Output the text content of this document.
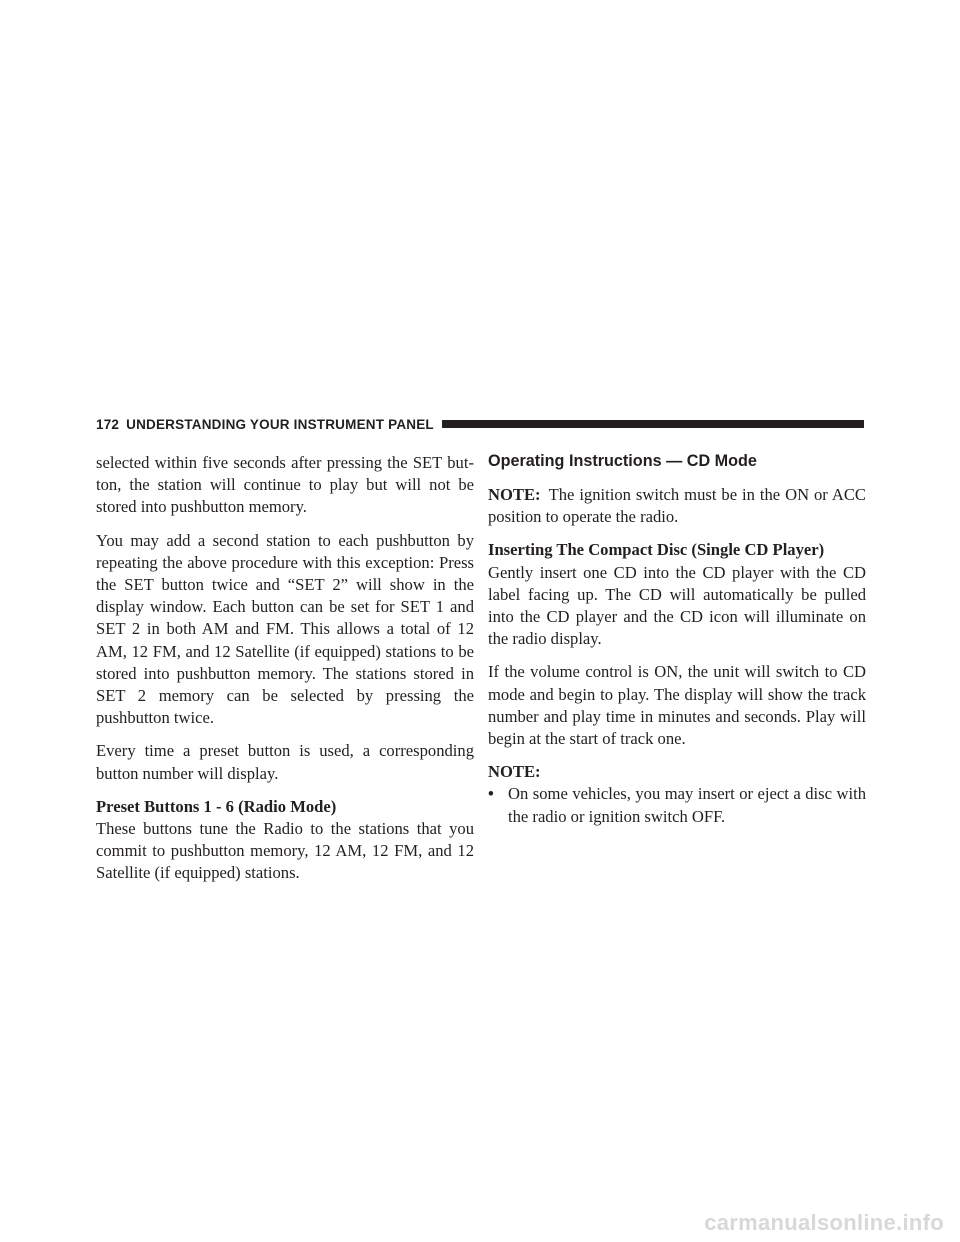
172 UNDERSTANDING YOUR INSTRUMENT PANEL

selected within five seconds after pressing the SET but-ton, the station will continue to play but will not be stored into pushbutton memory.

You may add a second station to each pushbutton by repeating the above procedure with this exception: Press the SET button twice and “SET 2” will show in the display window. Each button can be set for SET 1 and SET 2 in both AM and FM. This allows a total of 12 AM, 12 FM, and 12 Satellite (if equipped) stations to be stored into pushbutton memory. The stations stored in SET 2 memory can be selected by pressing the pushbutton twice.

Every time a preset button is used, a corresponding button number will display.

Preset Buttons 1 - 6 (Radio Mode)
These buttons tune the Radio to the stations that you commit to pushbutton memory, 12 AM, 12 FM, and 12 Satellite (if equipped) stations.

Operating Instructions — CD Mode

NOTE: The ignition switch must be in the ON or ACC position to operate the radio.

Inserting The Compact Disc (Single CD Player)
Gently insert one CD into the CD player with the CD label facing up. The CD will automatically be pulled into the CD player and the CD icon will illuminate on the radio display.

If the volume control is ON, the unit will switch to CD mode and begin to play. The display will show the track number and play time in minutes and seconds. Play will begin at the start of track one.

NOTE:

• On some vehicles, you may insert or eject a disc with the radio or ignition switch OFF.
carmanualsonline.info
